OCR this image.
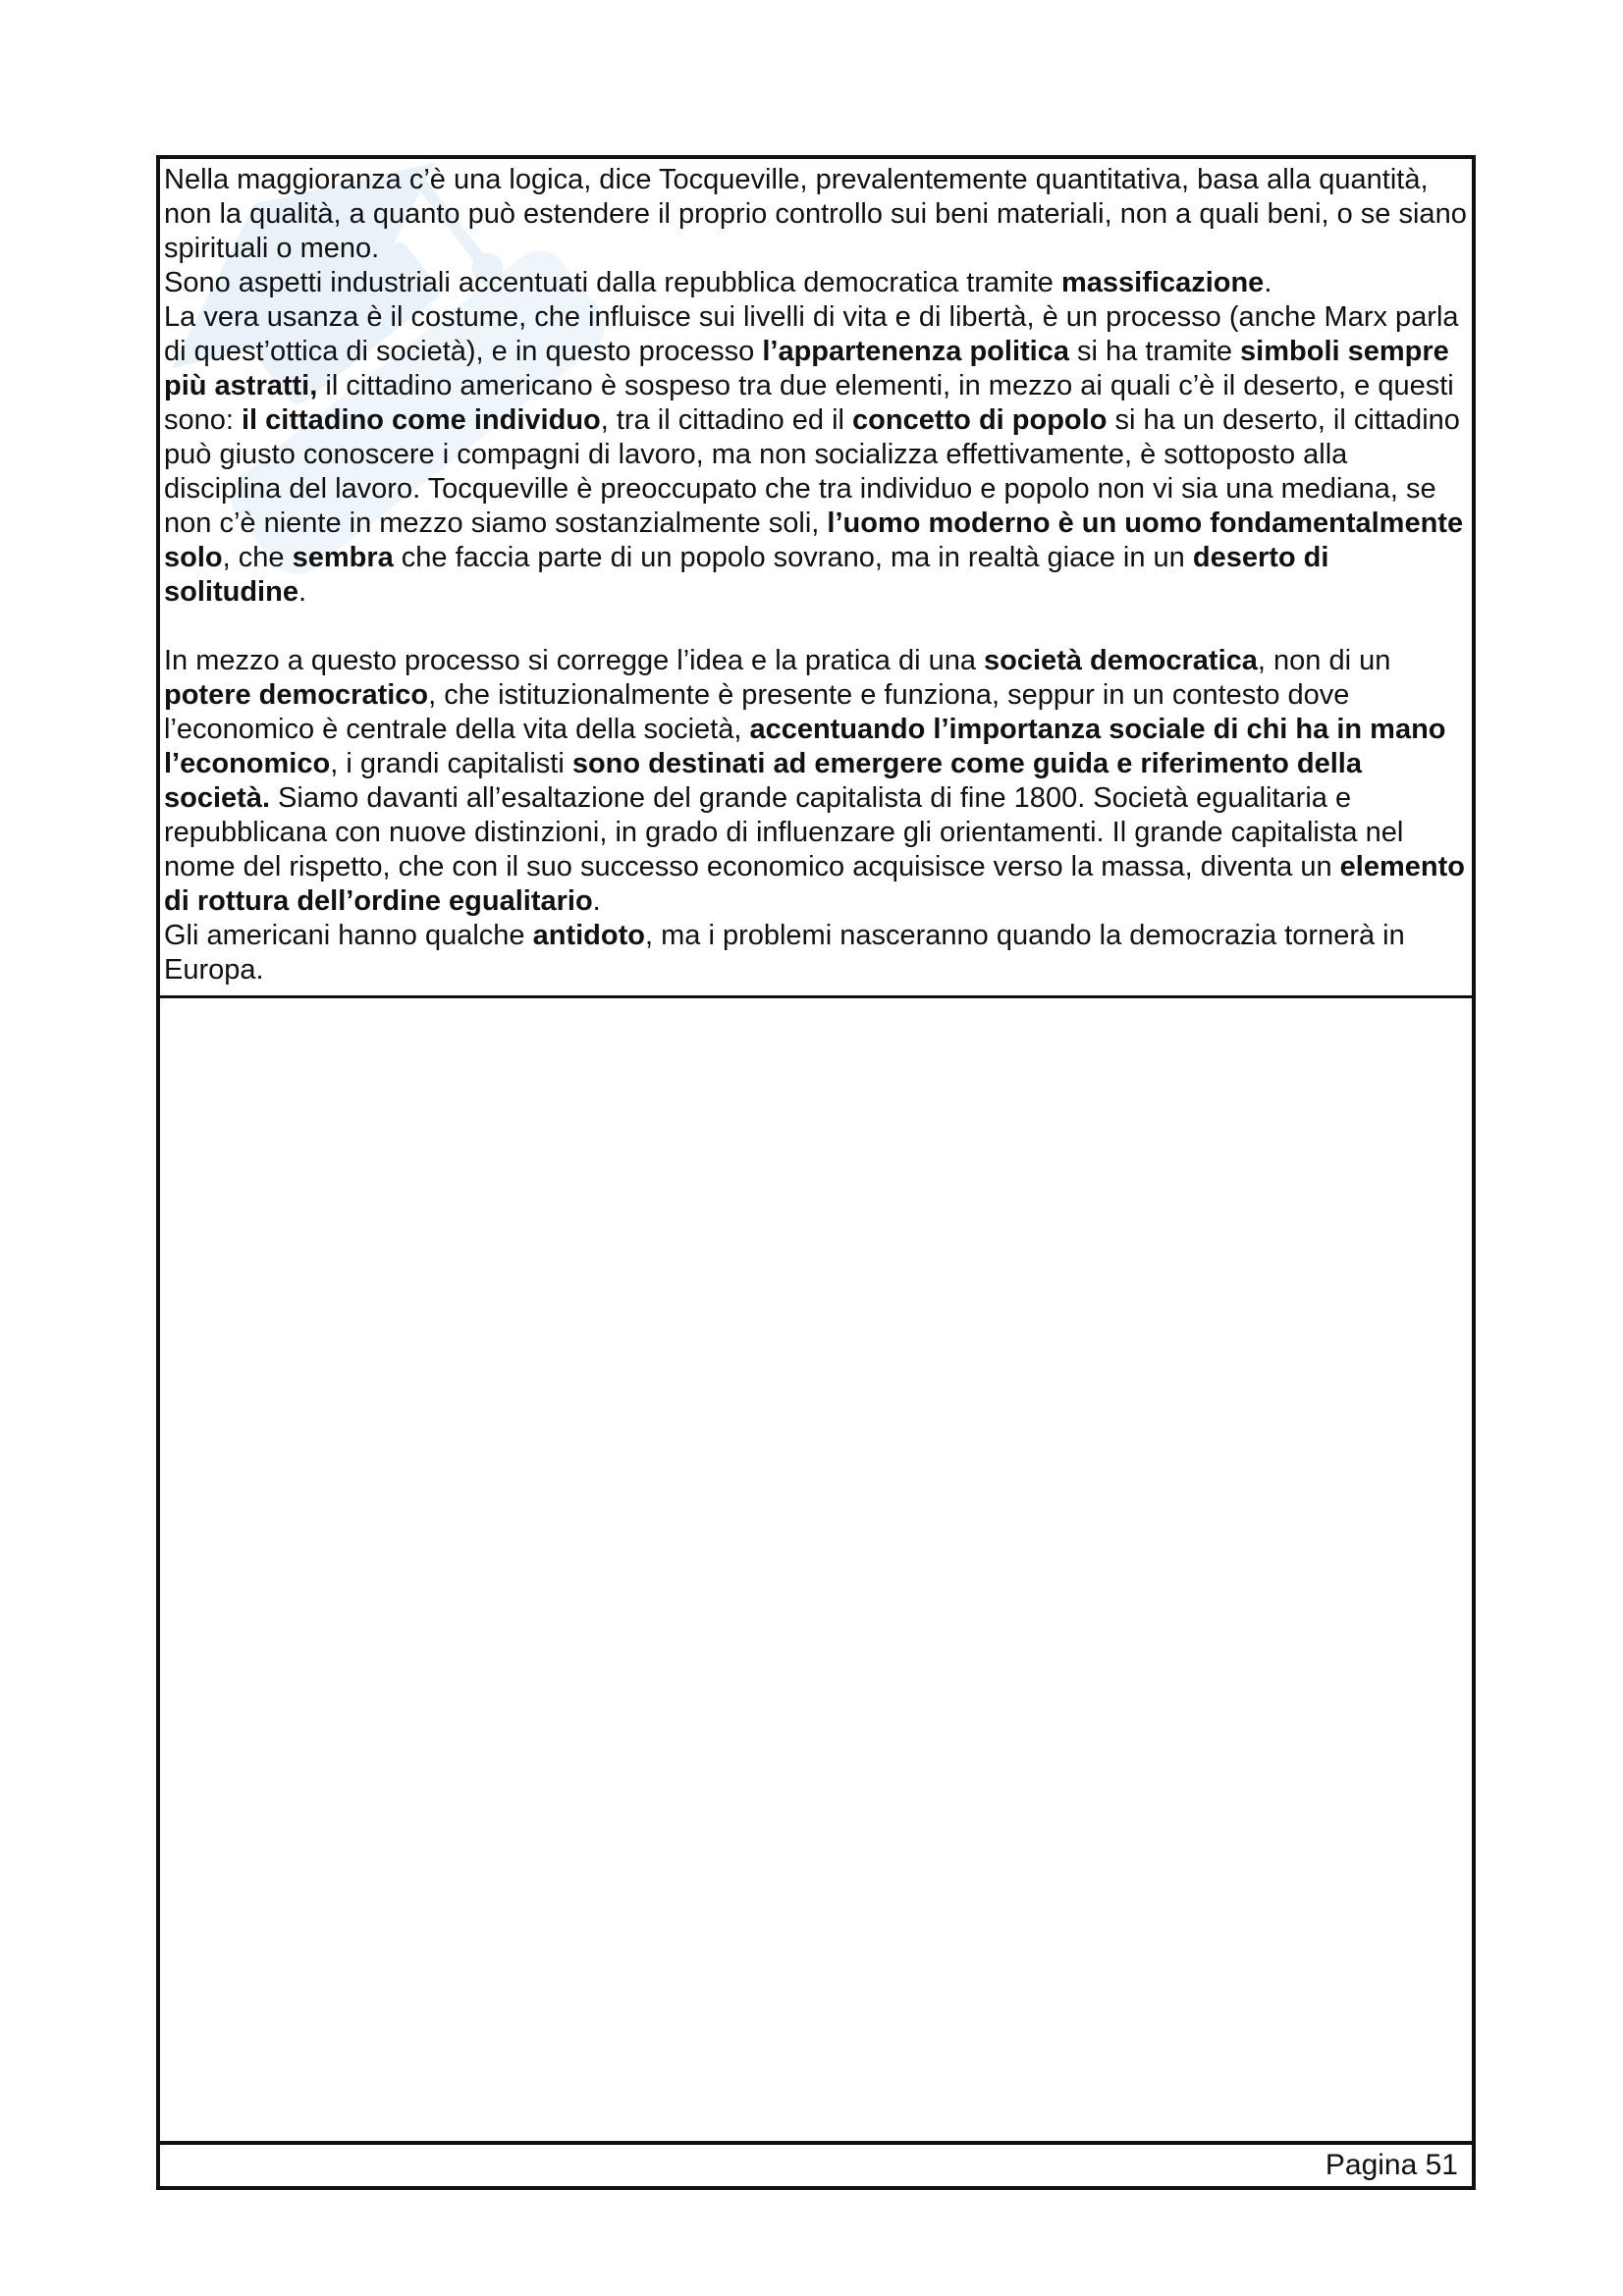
Nella maggioranza c’è una logica, dice Tocqueville, prevalentemente quantitativa, basa alla quantità, non la qualità, a quanto può estendere il proprio controllo sui beni materiali, non a quali beni, o se siano spirituali o meno.
Sono aspetti industriali accentuati dalla repubblica democratica tramite massificazione.
La vera usanza è il costume, che influisce sui livelli di vita e di libertà, è un processo (anche Marx parla di quest’ottica di società), e in questo processo l’appartenenza politica si ha tramite simboli sempre più astratti, il cittadino americano è sospeso tra due elementi, in mezzo ai quali c’è il deserto, e questi sono: il cittadino come individuo, tra il cittadino ed il concetto di popolo si ha un deserto, il cittadino può giusto conoscere i compagni di lavoro, ma non socializza effettivamente, è sottoposto alla disciplina del lavoro. Tocqueville è preoccupato che tra individuo e popolo non vi sia una mediana, se non c’è niente in mezzo siamo sostanzialmente soli, l’uomo moderno è un uomo fondamentalmente solo, che sembra che faccia parte di un popolo sovrano, ma in realtà giace in un deserto di solitudine.

In mezzo a questo processo si corregge l’idea e la pratica di una società democratica, non di un potere democratico, che istituzionalmente è presente e funziona, seppur in un contesto dove l’economico è centrale della vita della società, accentuando l’importanza sociale di chi ha in mano l’economico, i grandi capitalisti sono destinati ad emergere come guida e riferimento della società. Siamo davanti all’esaltazione del grande capitalista di fine 1800. Società egualitaria e repubblicana con nuove distinzioni, in grado di influenzare gli orientamenti. Il grande capitalista nel nome del rispetto, che con il suo successo economico acquisisce verso la massa, diventa un elemento di rottura dell’ordine egualitario.
Gli americani hanno qualche antidoto, ma i problemi nasceranno quando la democrazia tornerà in Europa.

Pagina 51
